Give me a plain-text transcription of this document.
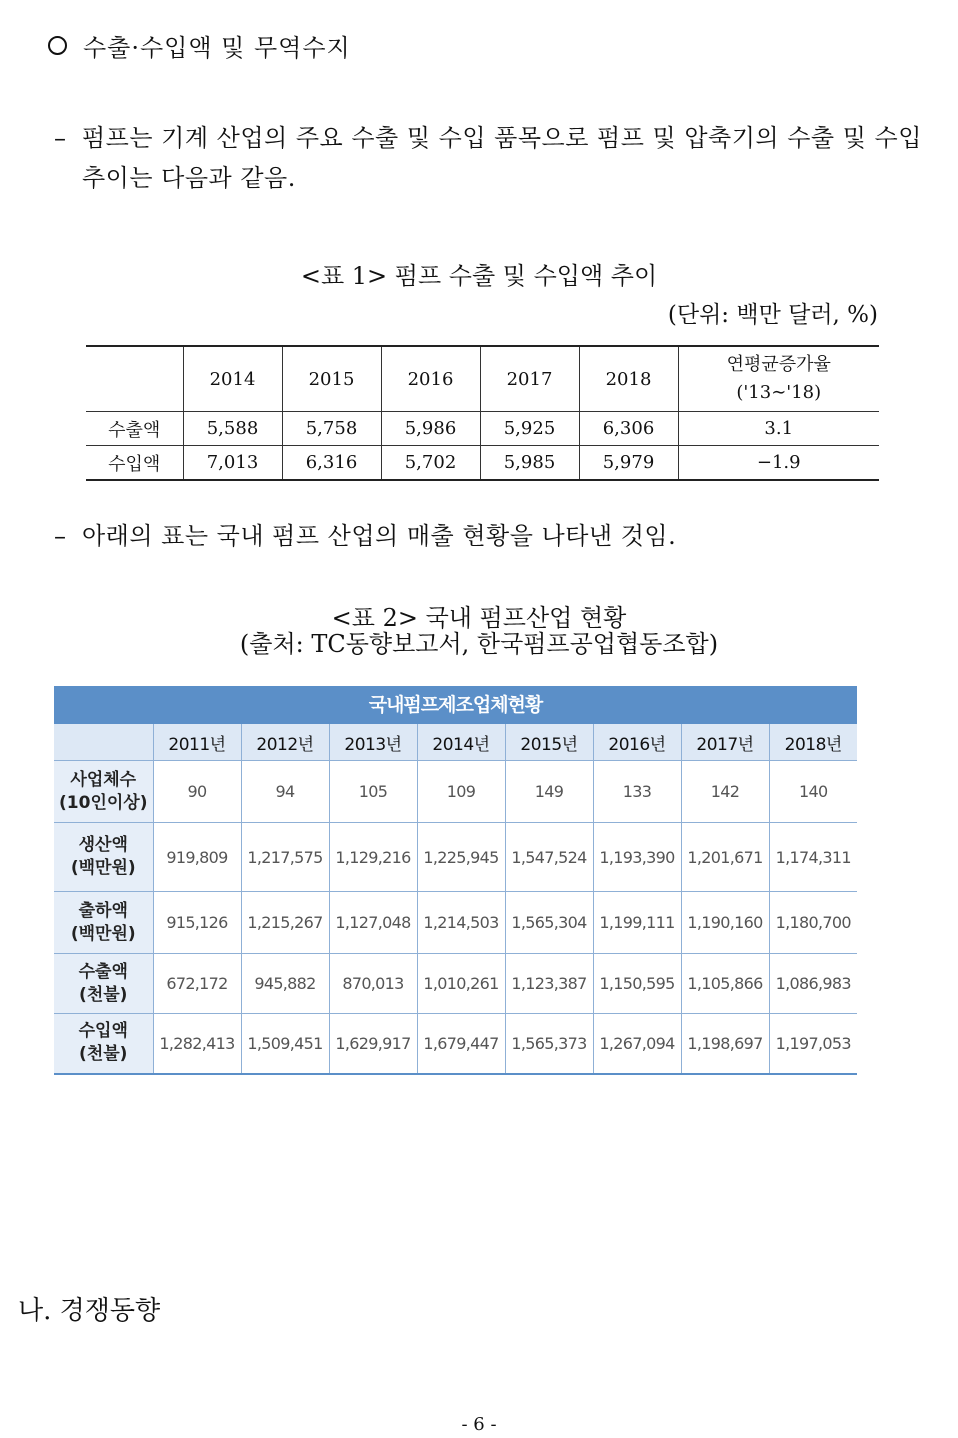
수출·수입액 및 무역수지
– 펌프는 기계 산업의 주요 수출 및 수입 품목으로 펌프 및 압축기의 수출 및 수입 추이는 다음과 같음.
<표 1> 펌프 수출 및 수입액 추이
(단위: 백만 달러, %)
	2014	2015	2016	2017	2018	연평균증가율
('13∼'18)

수출액	5,588	5,758	5,986	5,925	6,306	3.1
수입액	7,013	6,316	5,702	5,985	5,979	−1.9
– 아래의 표는 국내 펌프 산업의 매출 현황을 나타낸 것임.
<표 2> 국내 펌프산업 현황
(출처: TC동향보고서, 한국펌프공업협동조합)
국내펌프제조업체현황
	2011년	2012년	2013년	2014년	2015년	2016년	2017년	2018년

사업체수
(10인이상)	90	94	105	109	149	133	142	140

생산액
(백만원)	919,809	1,217,575	1,129,216	1,225,945	1,547,524	1,193,390	1,201,671	1,174,311

출하액
(백만원)	915,126	1,215,267	1,127,048	1,214,503	1,565,304	1,199,111	1,190,160	1,180,700

수출액
(천불)	672,172	945,882	870,013	1,010,261	1,123,387	1,150,595	1,105,866	1,086,983

수입액
(천불)	1,282,413	1,509,451	1,629,917	1,679,447	1,565,373	1,267,094	1,198,697	1,197,053
나. 경쟁동향
- 6 -
